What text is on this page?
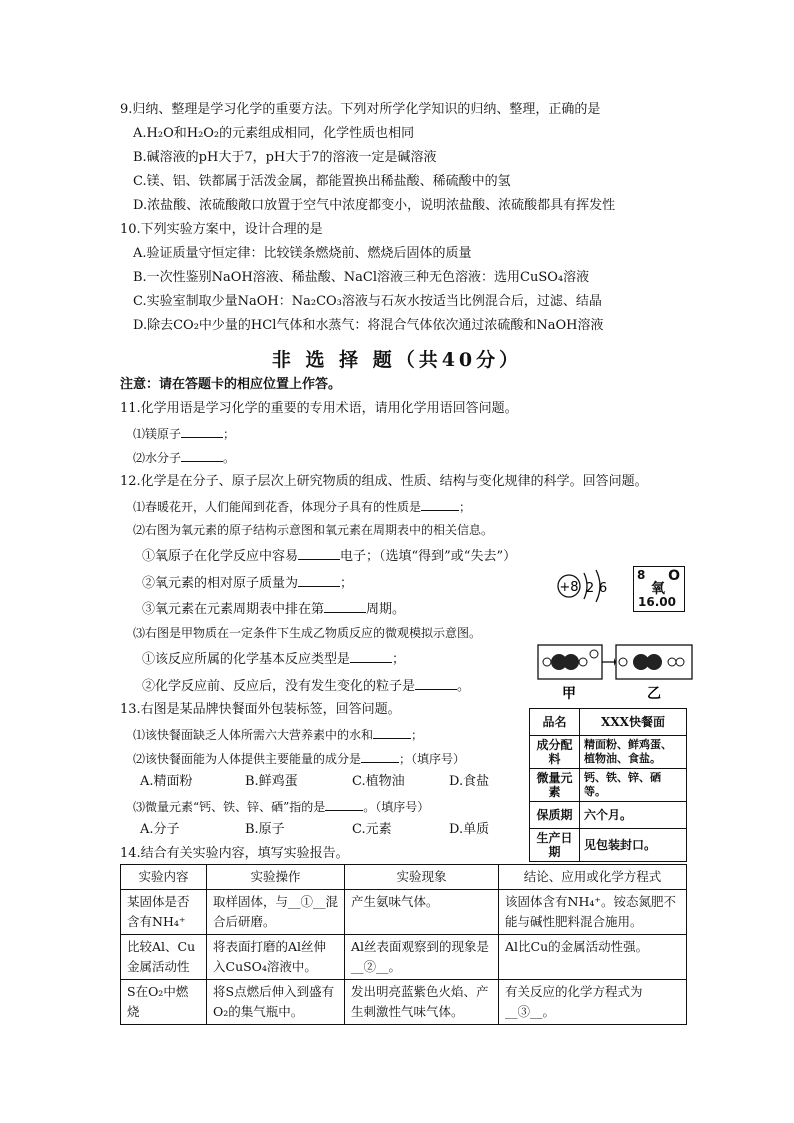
9.归纳、整理是学习化学的重要方法。下列对所学化学知识的归纳、整理，正确的是
A.H₂O和H₂O₂的元素组成相同，化学性质也相同
B.碱溶液的pH大于7，pH大于7的溶液一定是碱溶液
C.镁、铝、铁都属于活泼金属，都能置换出稀盐酸、稀硫酸中的氢
D.浓盐酸、浓硫酸敞口放置于空气中浓度都变小，说明浓盐酸、浓硫酸都具有挥发性
10.下列实验方案中，设计合理的是
A.验证质量守恒定律：比较镁条燃烧前、燃烧后固体的质量
B.一次性鉴别NaOH溶液、稀盐酸、NaCl溶液三种无色溶液：选用CuSO₄溶液
C.实验室制取少量NaOH：Na₂CO₃溶液与石灰水按适当比例混合后，过滤、结晶
D.除去CO₂中少量的HCl气体和水蒸气：将混合气体依次通过浓硫酸和NaOH溶液
非 选 择 题（共40分）
注意：请在答题卡的相应位置上作答。
11.化学用语是学习化学的重要的专用术语，请用化学用语回答问题。
⑴镁原子	；
⑵水分子	。
12.化学是在分子、原子层次上研究物质的组成、性质、结构与变化规律的科学。回答问题。
⑴春暖花开，人们能闻到花香，体现分子具有的性质是	；
⑵右图为氧元素的原子结构示意图和氧元素在周期表中的相关信息。
①氧原子在化学反应中容易	电子；（选填“得到”或“失去”）
②氧元素的相对原子质量为	；
③氧元素在元素周期表中排在第	周期。
⑶右图是甲物质在一定条件下生成乙物质反应的微观模拟示意图。
①该反应所属的化学基本反应类型是	；
②化学反应前、反应后，没有发生变化的粒子是	。
+8 2 6
8 O
氧
16.00
甲	乙
13.右图是某品牌快餐面外包装标签，回答问题。
⑴该快餐面缺乏人体所需六大营养素中的水和	；
⑵该快餐面能为人体提供主要能量的成分是	；（填序号）
A.精面粉	B.鲜鸡蛋	C.植物油	D.食盐
⑶微量元素“钙、铁、锌、硒”指的是	。（填序号）
A.分子	B.原子	C.元素	D.单质
品名	XXX快餐面
成分配料	精面粉、鲜鸡蛋、植物油、食盐。
微量元素	钙、铁、锌、硒等。
保质期	六个月。
生产日期	见包装封口。
14.结合有关实验内容，填写实验报告。
实验内容	实验操作	实验现象	结论、应用或化学方程式
某固体是否含有NH₄⁺	取样固体，与__①__混合后研磨。	产生氨味气体。	该固体含有NH₄⁺。铵态氮肥不能与碱性肥料混合施用。
比较Al、Cu金属活动性	将表面打磨的Al丝伸入CuSO₄溶液中。	Al丝表面观察到的现象是__②__。	Al比Cu的金属活动性强。
S在O₂中燃烧	将S点燃后伸入到盛有O₂的集气瓶中。	发出明亮蓝紫色火焰、产生刺激性气味气体。	有关反应的化学方程式为__③__。
